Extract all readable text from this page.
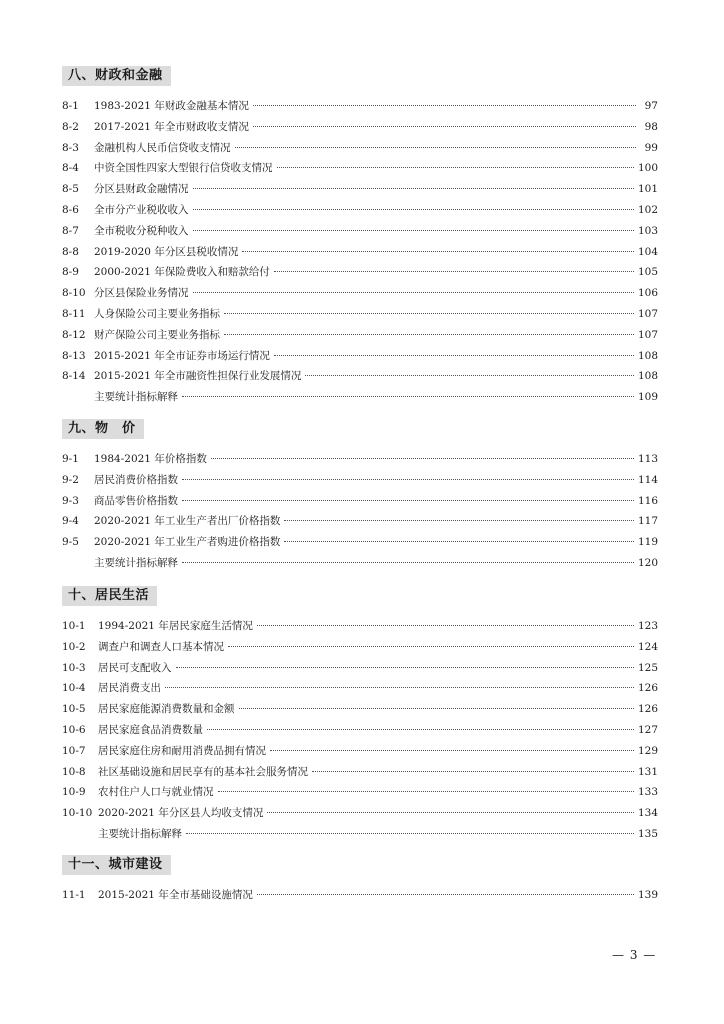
八、财政和金融
8-1	1983-2021 年财政金融基本情况	97
8-2	2017-2021 年全市财政收支情况	98
8-3	金融机构人民币信贷收支情况	99
8-4	中资全国性四家大型银行信贷收支情况	100
8-5	分区县财政金融情况	101
8-6	全市分产业税收收入	102
8-7	全市税收分税种收入	103
8-8	2019-2020 年分区县税收情况	104
8-9	2000-2021 年保险费收入和赔款给付	105
8-10 分区县保险业务情况	106
8-11 人身保险公司主要业务指标	107
8-12 财产保险公司主要业务指标	107
8-13 2015-2021 年全市证券市场运行情况	108
8-14 2015-2021 年全市融资性担保行业发展情况	108
主要统计指标解释	109
九、物　价
9-1	1984-2021 年价格指数	113
9-2	居民消费价格指数	114
9-3	商品零售价格指数	116
9-4	2020-2021 年工业生产者出厂价格指数	117
9-5	2020-2021 年工业生产者购进价格指数	119
主要统计指标解释	120
十、居民生活
10-1	1994-2021 年居民家庭生活情况	123
10-2	调查户和调查人口基本情况	124
10-3	居民可支配收入	125
10-4	居民消费支出	126
10-5	居民家庭能源消费数量和金额	126
10-6	居民家庭食品消费数量	127
10-7	居民家庭住房和耐用消费品拥有情况	129
10-8	社区基础设施和居民享有的基本社会服务情况	131
10-9	农村住户人口与就业情况	133
10-10 2020-2021 年分区县人均收支情况	134
主要统计指标解释	135
十一、城市建设
11-1	2015-2021 年全市基础设施情况	139
— 3 —
